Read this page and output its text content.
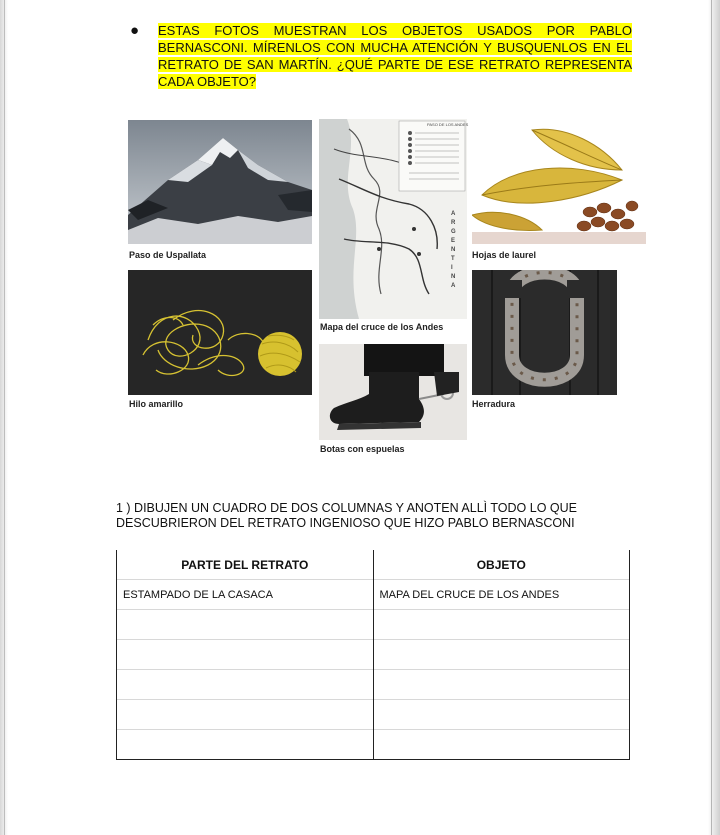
●	ESTAS FOTOS MUESTRAN LOS OBJETOS USADOS POR PABLO BERNASCONI. MÍRENLOS CON MUCHA ATENCIÓN Y BUSQUENLOS EN EL RETRATO DE SAN MARTÍN. ¿QUÉ PARTE DE ESE RETRATO REPRESENTA CADA OBJETO?

Paso de Uspallata
PASO DE LOS ANDES
A R G E N T I N A
Mapa del cruce de los Andes
Hojas de laurel
Hilo amarillo
Botas con espuelas
Herradura

1 ) DIBUJEN UN CUADRO DE DOS COLUMNAS Y ANOTEN ALLÌ TODO LO QUE DESCUBRIERON DEL RETRATO INGENIOSO QUE HIZO PABLO BERNASCONI

PARTE DEL RETRATO	OBJETO
ESTAMPADO DE LA CASACA	MAPA DEL CRUCE DE LOS ANDES
